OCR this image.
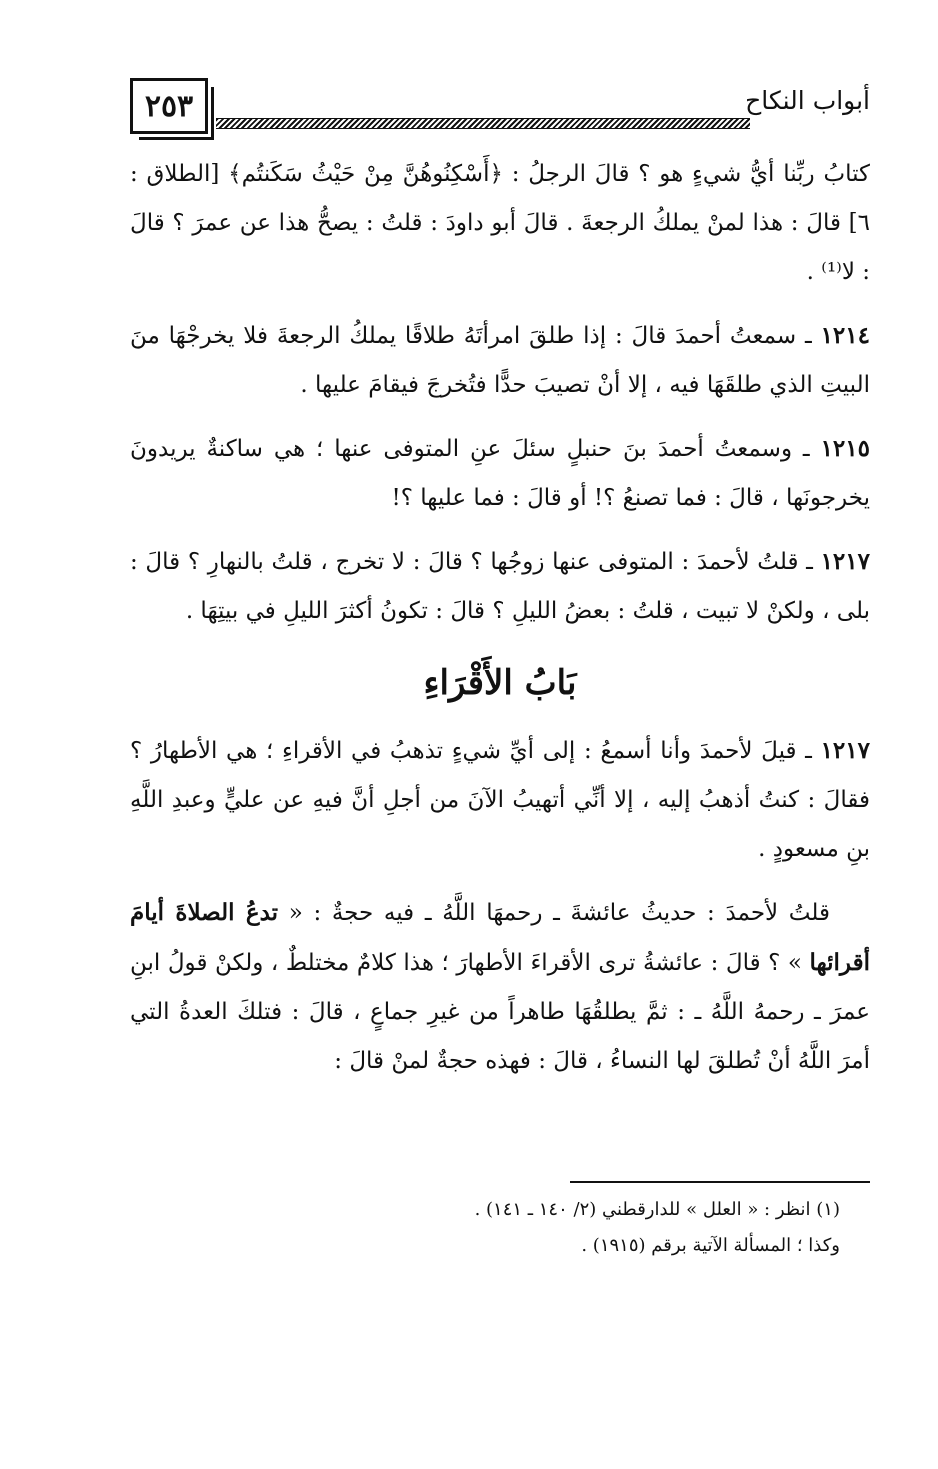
٢٥٣	أبواب النكاح

كتابُ ربِّنا أيُّ شيءٍ هو ؟ قالَ الرجلُ : ﴿أَسْكِنُوهُنَّ مِنْ حَيْثُ سَكَنتُم﴾ [الطلاق : ٦] قالَ : هذا لمنْ يملكُ الرجعةَ . قالَ أبو داودَ : قلتُ : يصحُّ هذا عن عمرَ ؟ قالَ : لا⁽¹⁾ .

١٢١٤ ـ سمعتُ أحمدَ قالَ : إذا طلقَ امرأتَهُ طلاقًا يملكُ الرجعةَ فلا يخرجْهَا منَ البيتِ الذي طلقَهَا فيه ، إلا أنْ تصيبَ حدًّا فتُخرجَ فيقامَ عليها .

١٢١٥ ـ وسمعتُ أحمدَ بنَ حنبلٍ سئلَ عنِ المتوفى عنها ؛ هي ساكنةٌ يريدونَ يخرجونَها ، قالَ : فما تصنعُ ؟! أو قالَ : فما عليها ؟!

١٢١٧ ـ قلتُ لأحمدَ : المتوفى عنها زوجُها ؟ قالَ : لا تخرج ، قلتُ بالنهارِ ؟ قالَ : بلى ، ولكنْ لا تبيت ، قلتُ : بعضُ الليلِ ؟ قالَ : تكونُ أكثرَ الليلِ في بيتِهَا .

بَابُ الأَقْرَاءِ

١٢١٧ ـ قيلَ لأحمدَ وأنا أسمعُ : إلى أيِّ شيءٍ تذهبُ في الأقراءِ ؛ هي الأطهارُ ؟ فقالَ : كنتُ أذهبُ إليه ، إلا أنِّي أتهيبُ الآنَ من أجلِ أنَّ فيهِ عن عليٍّ وعبدِ اللَّهِ بنِ مسعودٍ .

قلتُ لأحمدَ : حديثُ عائشةَ ـ رحمهَا اللَّهُ ـ فيه حجةٌ : « تدعُ الصلاةَ أيامَ أقرائها » ؟ قالَ : عائشةُ ترى الأقراءَ الأطهارَ ؛ هذا كلامٌ مختلطٌ ، ولكنْ قولُ ابنِ عمرَ ـ رحمهُ اللَّهُ ـ : ثمَّ يطلقُهَا طاهراً من غيرِ جماعٍ ، قالَ : فتلكَ العدةُ التي أمرَ اللَّهُ أنْ تُطلقَ لها النساءُ ، قالَ : فهذه حجةٌ لمنْ قالَ :

(١) انظر : « العلل » للدارقطني (٢/ ١٤٠ ـ ١٤١) .

وكذا ؛ المسألة الآتية برقم (١٩١٥) .
